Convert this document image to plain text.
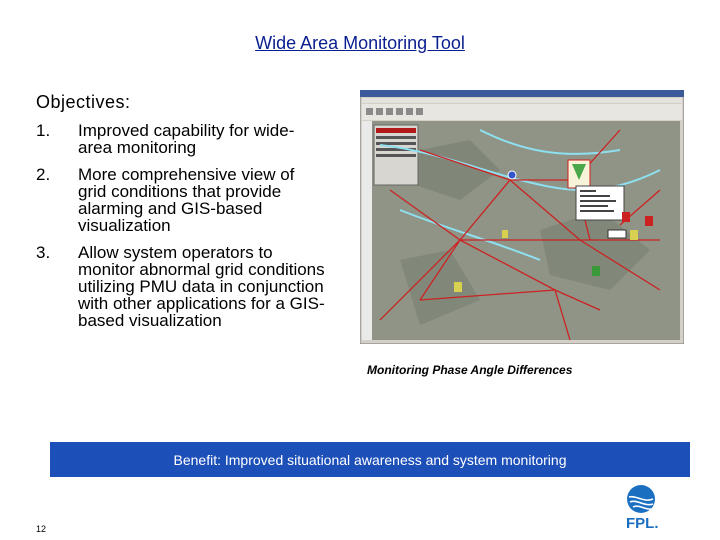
Wide Area Monitoring Tool
Objectives:
1. Improved capability for wide-area monitoring
2. More comprehensive view of grid conditions that provide alarming and GIS-based visualization
3. Allow system operators to monitor abnormal grid conditions utilizing PMU data in conjunction with other applications for a GIS-based visualization
Monitoring Phase Angle Differences
Benefit: Improved situational awareness and system monitoring
12	FPL.
